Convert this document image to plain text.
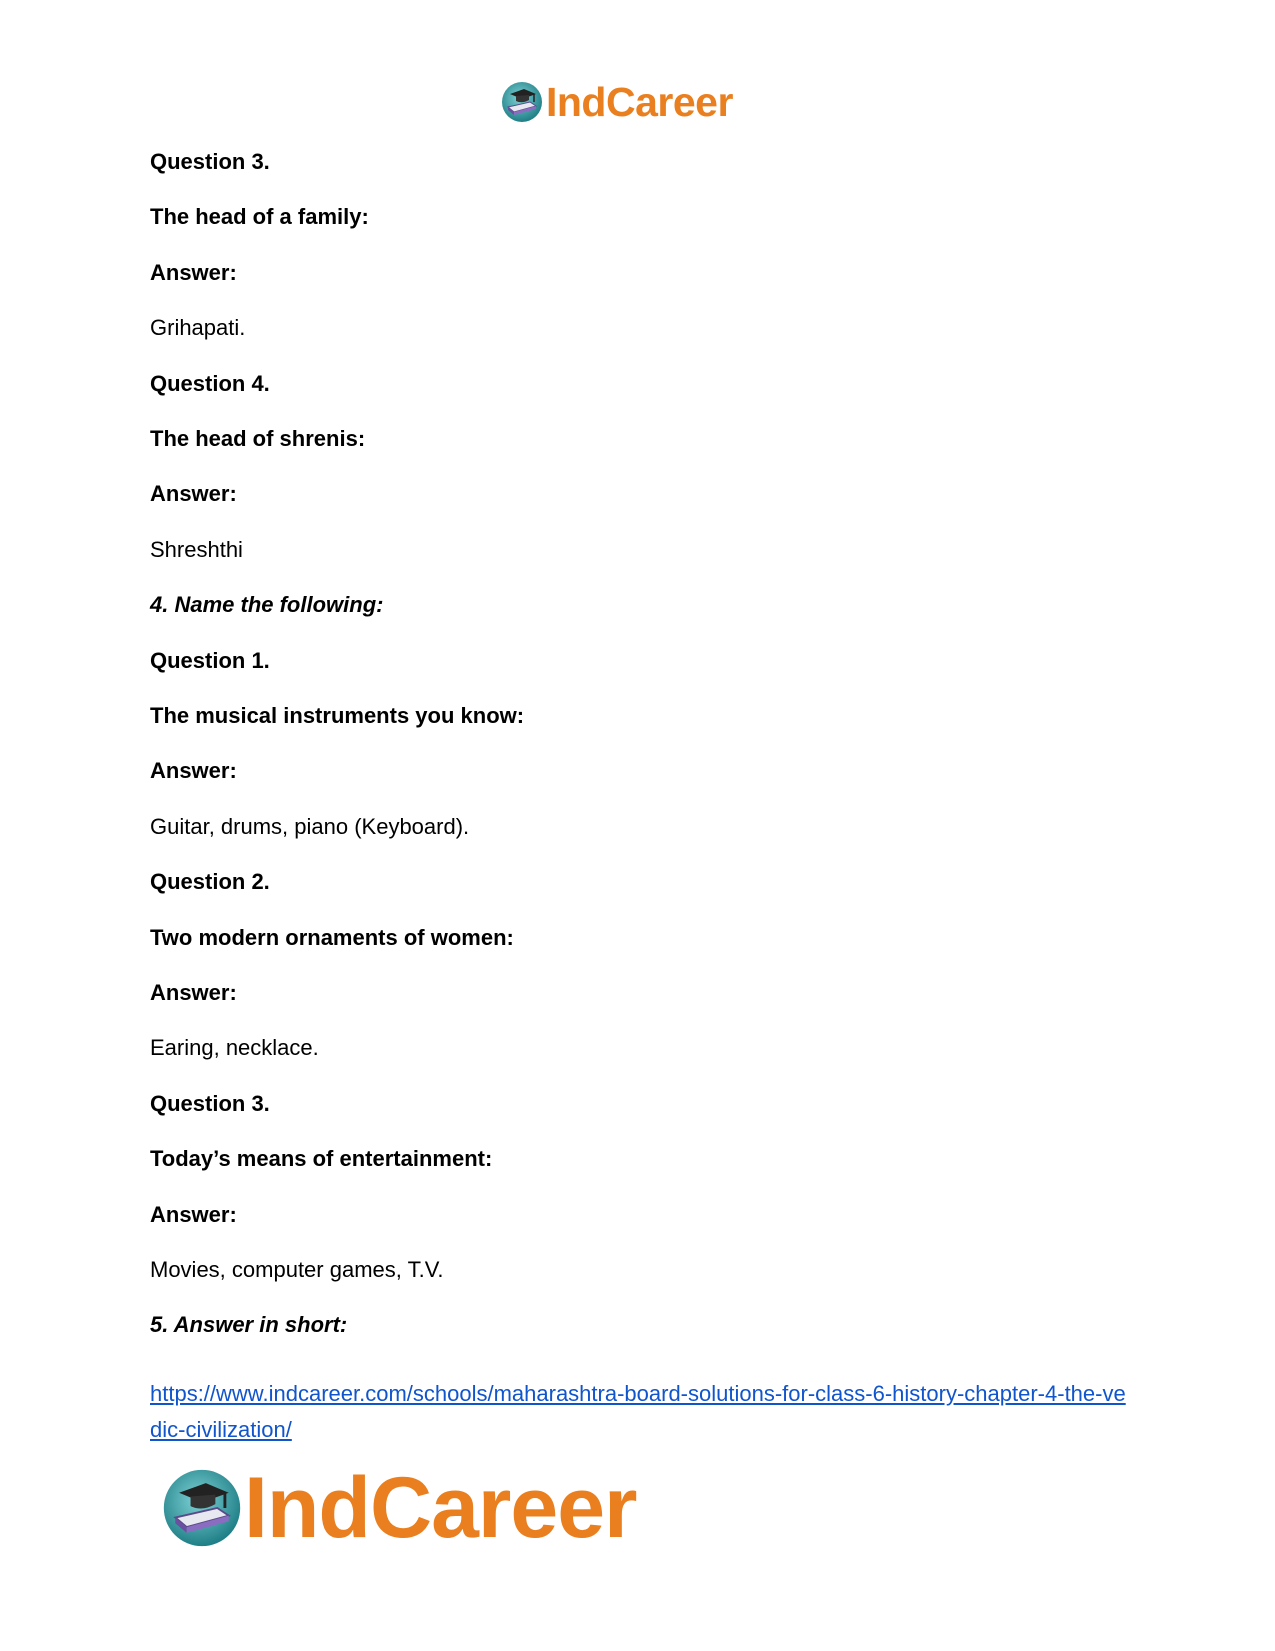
IndCareer
Question 3.
The head of a family:
Answer:
Grihapati.
Question 4.
The head of shrenis:
Answer:
Shreshthi
4. Name the following:
Question 1.
The musical instruments you know:
Answer:
Guitar, drums, piano (Keyboard).
Question 2.
Two modern ornaments of women:
Answer:
Earing, necklace.
Question 3.
Today’s means of entertainment:
Answer:
Movies, computer games, T.V.
5. Answer in short:
https://www.indcareer.com/schools/maharashtra-board-solutions-for-class-6-history-chapter-4-the-vedic-civilization/
IndCareer
